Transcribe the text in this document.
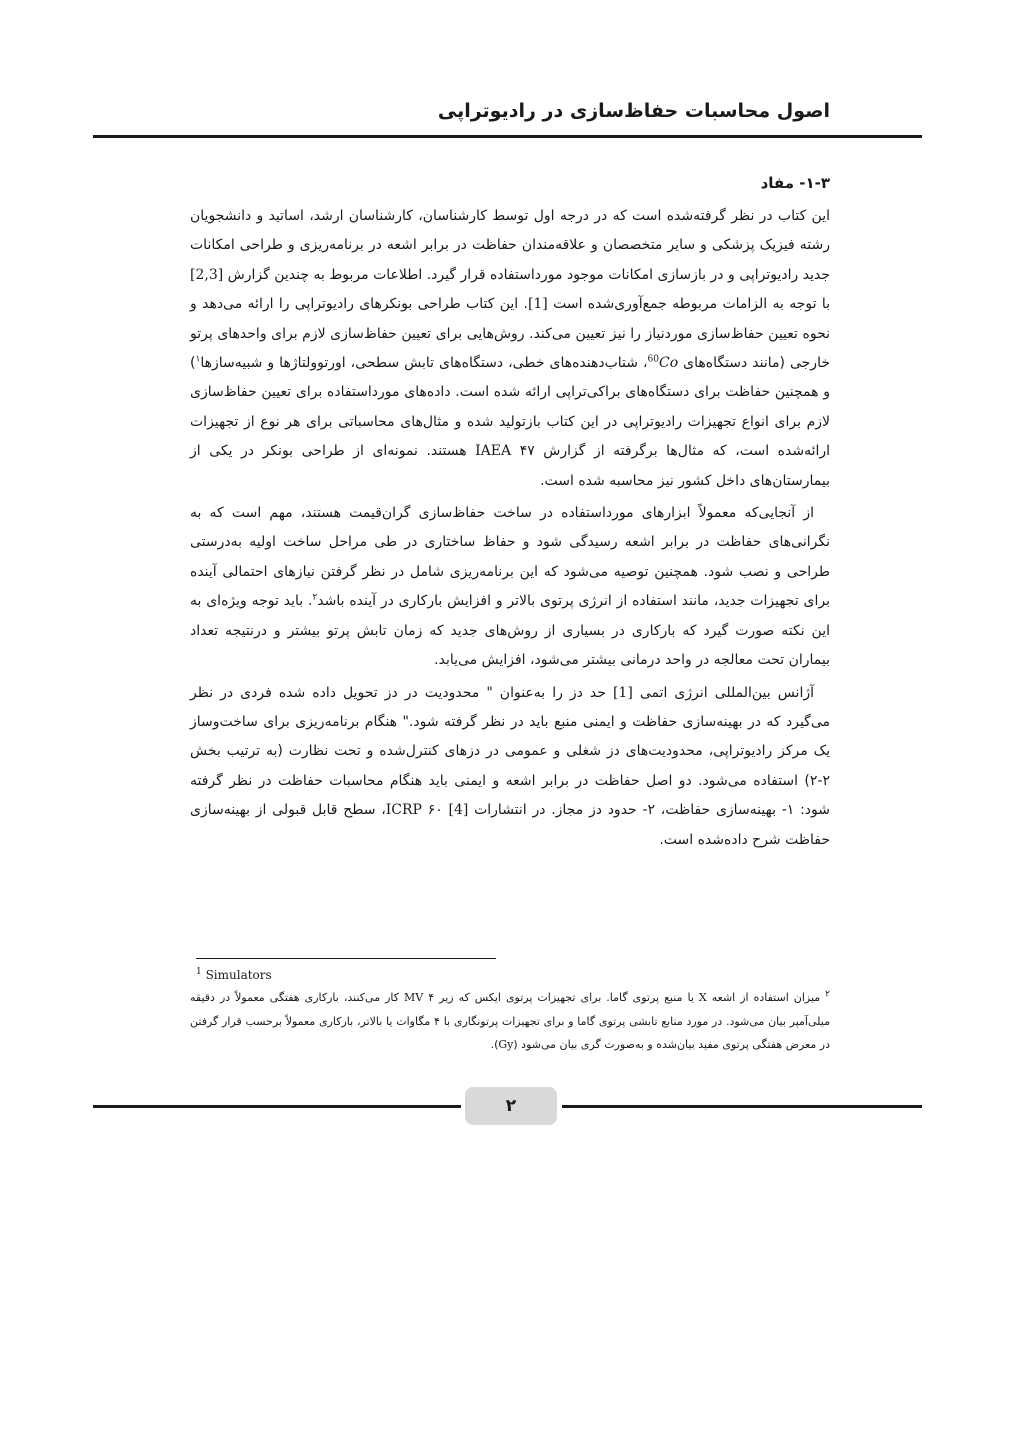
اصول محاسبات حفاظ‌سازی در رادیوتراپی
۱-۳- مفاد

این کتاب در نظر گرفته‌شده است که در درجه اول توسط کارشناسان، کارشناسان ارشد، اساتید و دانشجویان رشته فیزیک پزشکی و سایر متخصصان و علاقه‌مندان حفاظت در برابر اشعه در برنامه‌ریزی و طراحی امکانات جدید رادیوتراپی و در بازسازی امکانات موجود مورداستفاده قرار گیرد. اطلاعات مربوط به چندین گزارش [2,3] با توجه به الزامات مربوطه جمع‌آوری‌شده است [1]. این کتاب طراحی بونکرهای رادیوتراپی را ارائه می‌دهد و نحوه تعیین حفاظ‌سازی موردنیاز را نیز تعیین می‌کند. روش‌هایی برای تعیین حفاظ‌سازی لازم برای واحدهای پرتو خارجی (مانند دستگاه‌های $^{60}$Co، شتاب‌دهنده‌های خطی، دستگاه‌های تابش سطحی، اورتوولتاژها و شبیه‌سازها$^۱$) و همچنین حفاظت برای دستگاه‌های براکی‌تراپی ارائه شده است. داده‌های مورداستفاده برای تعیین حفاظ‌سازی لازم برای انواع تجهیزات رادیوتراپی در این کتاب بازتولید شده و مثال‌های محاسباتی برای هر نوع از تجهیزات ارائه‌شده است، که مثال‌ها برگرفته از گزارش ۴۷ IAEA هستند. نمونه‌ای از طراحی بونکر در یکی از بیمارستان‌های داخل کشور نیز محاسبه شده است.

از آنجایی‌که معمولاً ابزارهای مورداستفاده در ساخت حفاظ‌سازی گران‌قیمت هستند، مهم است که به نگرانی‌های حفاظت در برابر اشعه رسیدگی شود و حفاظ ساختاری در طی مراحل ساخت اولیه به‌درستی طراحی و نصب شود. همچنین توصیه می‌شود که این برنامه‌ریزی شامل در نظر گرفتن نیازهای احتمالی آینده برای تجهیزات جدید، مانند استفاده از انرژی پرتوی بالاتر و افزایش بارکاری در آینده باشد$^۲$. باید توجه ویژه‌ای به این نکته صورت گیرد که بارکاری در بسیاری از روش‌های جدید که زمان تابش پرتو بیشتر و درنتیجه تعداد بیماران تحت معالجه در واحد درمانی بیشتر می‌شود، افزایش می‌یابد.

آژانس بین‌المللی انرژی اتمی [1] حد دز را به‌عنوان " محدودیت در دز تحویل داده شده فردی در نظر می‌گیرد که در بهینه‌سازی حفاظت و ایمنی منبع باید در نظر گرفته شود." هنگام برنامه‌ریزی برای ساخت‌وساز یک مرکز رادیوتراپی، محدودیت‌های دز شغلی و عمومی در دزهای کنترل‌شده و تحت نظارت (به ترتیب بخش ۲-۲) استفاده می‌شود. دو اصل حفاظت در برابر اشعه و ایمنی باید هنگام محاسبات حفاظت در نظر گرفته شود: ۱- بهینه‌سازی حفاظت، ۲- حدود دز مجاز. در انتشارات ICRP ۶۰ [4]، سطح قابل قبولی از بهینه‌سازی حفاظت شرح داده‌شده است.

$^1$ Simulators
$^۲$ میزان استفاده از اشعه X یا منبع پرتوی گاما. برای تجهیزات پرتوی ایکس که زیر ۴ MV کار می‌کنند، بارکاری هفتگی معمولاً در دقیقه میلی‌آمپر بیان می‌شود. در مورد منابع تابشی پرتوی گاما و برای تجهیزات پرتونگاری با ۴ مگاوات یا بالاتر، بارکاری معمولاً برحسب قرار گرفتن در معرض هفتگی پرتوی مفید بیان‌شده و به‌صورت گری بیان می‌شود (Gy).
۲
